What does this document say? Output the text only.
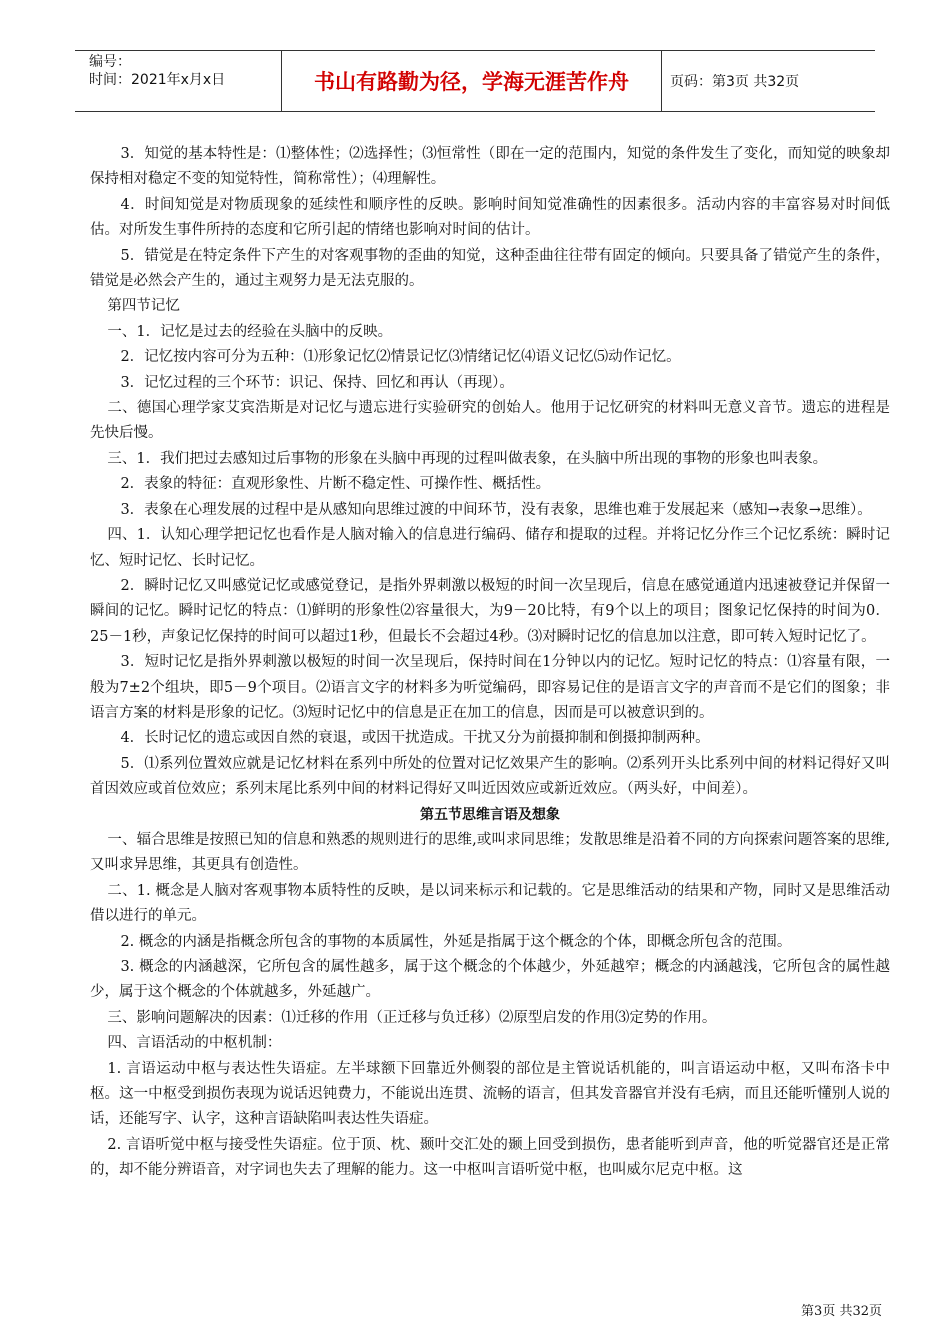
编号：
时间：2021年x月x日	书山有路勤为径，学海无涯苦作舟	页码：第3页 共32页

3．知觉的基本特性是：⑴整体性；⑵选择性；⑶恒常性（即在一定的范围内，知觉的条件发生了变化，而知觉的映象却保持相对稳定不变的知觉特性，简称常性）；⑷理解性。

4．时间知觉是对物质现象的延续性和顺序性的反映。影响时间知觉准确性的因素很多。活动内容的丰富容易对时间低估。对所发生事件所持的态度和它所引起的情绪也影响对时间的估计。

5．错觉是在特定条件下产生的对客观事物的歪曲的知觉，这种歪曲往往带有固定的倾向。只要具备了错觉产生的条件，错觉是必然会产生的，通过主观努力是无法克服的。

第四节记忆

一、1．记忆是过去的经验在头脑中的反映。

2．记忆按内容可分为五种：⑴形象记忆⑵情景记忆⑶情绪记忆⑷语义记忆⑸动作记忆。

3．记忆过程的三个环节：识记、保持、回忆和再认（再现）。

二、德国心理学家艾宾浩斯是对记忆与遗忘进行实验研究的创始人。他用于记忆研究的材料叫无意义音节。遗忘的进程是先快后慢。

三、1．我们把过去感知过后事物的形象在头脑中再现的过程叫做表象，在头脑中所出现的事物的形象也叫表象。

2．表象的特征：直观形象性、片断不稳定性、可操作性、概括性。

3．表象在心理发展的过程中是从感知向思维过渡的中间环节，没有表象，思维也难于发展起来（感知→表象→思维）。

四、1．认知心理学把记忆也看作是人脑对输入的信息进行编码、储存和提取的过程。并将记忆分作三个记忆系统：瞬时记忆、短时记忆、长时记忆。

2．瞬时记忆又叫感觉记忆或感觉登记，是指外界刺激以极短的时间一次呈现后，信息在感觉通道内迅速被登记并保留一瞬间的记忆。瞬时记忆的特点：⑴鲜明的形象性⑵容量很大，为9－20比特，有9个以上的项目；图象记忆保持的时间为0．25－1秒，声象记忆保持的时间可以超过1秒，但最长不会超过4秒。⑶对瞬时记忆的信息加以注意，即可转入短时记忆了。

3．短时记忆是指外界刺激以极短的时间一次呈现后，保持时间在1分钟以内的记忆。短时记忆的特点：⑴容量有限，一般为7±2个组块，即5－9个项目。⑵语言文字的材料多为听觉编码，即容易记住的是语言文字的声音而不是它们的图象；非语言方案的材料是形象的记忆。⑶短时记忆中的信息是正在加工的信息，因而是可以被意识到的。

4．长时记忆的遗忘或因自然的衰退，或因干扰造成。干扰又分为前摄抑制和倒摄抑制两种。

5．⑴系列位置效应就是记忆材料在系列中所处的位置对记忆效果产生的影响。⑵系列开头比系列中间的材料记得好又叫首因效应或首位效应；系列末尾比系列中间的材料记得好又叫近因效应或新近效应。（两头好，中间差）。

第五节思维言语及想象

一、辐合思维是按照已知的信息和熟悉的规则进行的思维,或叫求同思维；发散思维是沿着不同的方向探索问题答案的思维,又叫求异思维，其更具有创造性。

二、1. 概念是人脑对客观事物本质特性的反映，是以词来标示和记载的。它是思维活动的结果和产物，同时又是思维活动借以进行的单元。

2. 概念的内涵是指概念所包含的事物的本质属性，外延是指属于这个概念的个体，即概念所包含的范围。

3. 概念的内涵越深，它所包含的属性越多，属于这个概念的个体越少，外延越窄；概念的内涵越浅，它所包含的属性越少，属于这个概念的个体就越多，外延越广。

三、影响问题解决的因素：⑴迁移的作用（正迁移与负迁移）⑵原型启发的作用⑶定势的作用。

四、言语活动的中枢机制：

1. 言语运动中枢与表达性失语症。左半球额下回靠近外侧裂的部位是主管说话机能的，叫言语运动中枢，又叫布洛卡中枢。这一中枢受到损伤表现为说话迟钝费力，不能说出连贯、流畅的语言，但其发音器官并没有毛病，而且还能听懂别人说的话，还能写字、认字，这种言语缺陷叫表达性失语症。

2. 言语听觉中枢与接受性失语症。位于顶、枕、颞叶交汇处的颞上回受到损伤，患者能听到声音，他的听觉器官还是正常的，却不能分辨语音，对字词也失去了理解的能力。这一中枢叫言语听觉中枢，也叫威尔尼克中枢。这

第3页 共32页
